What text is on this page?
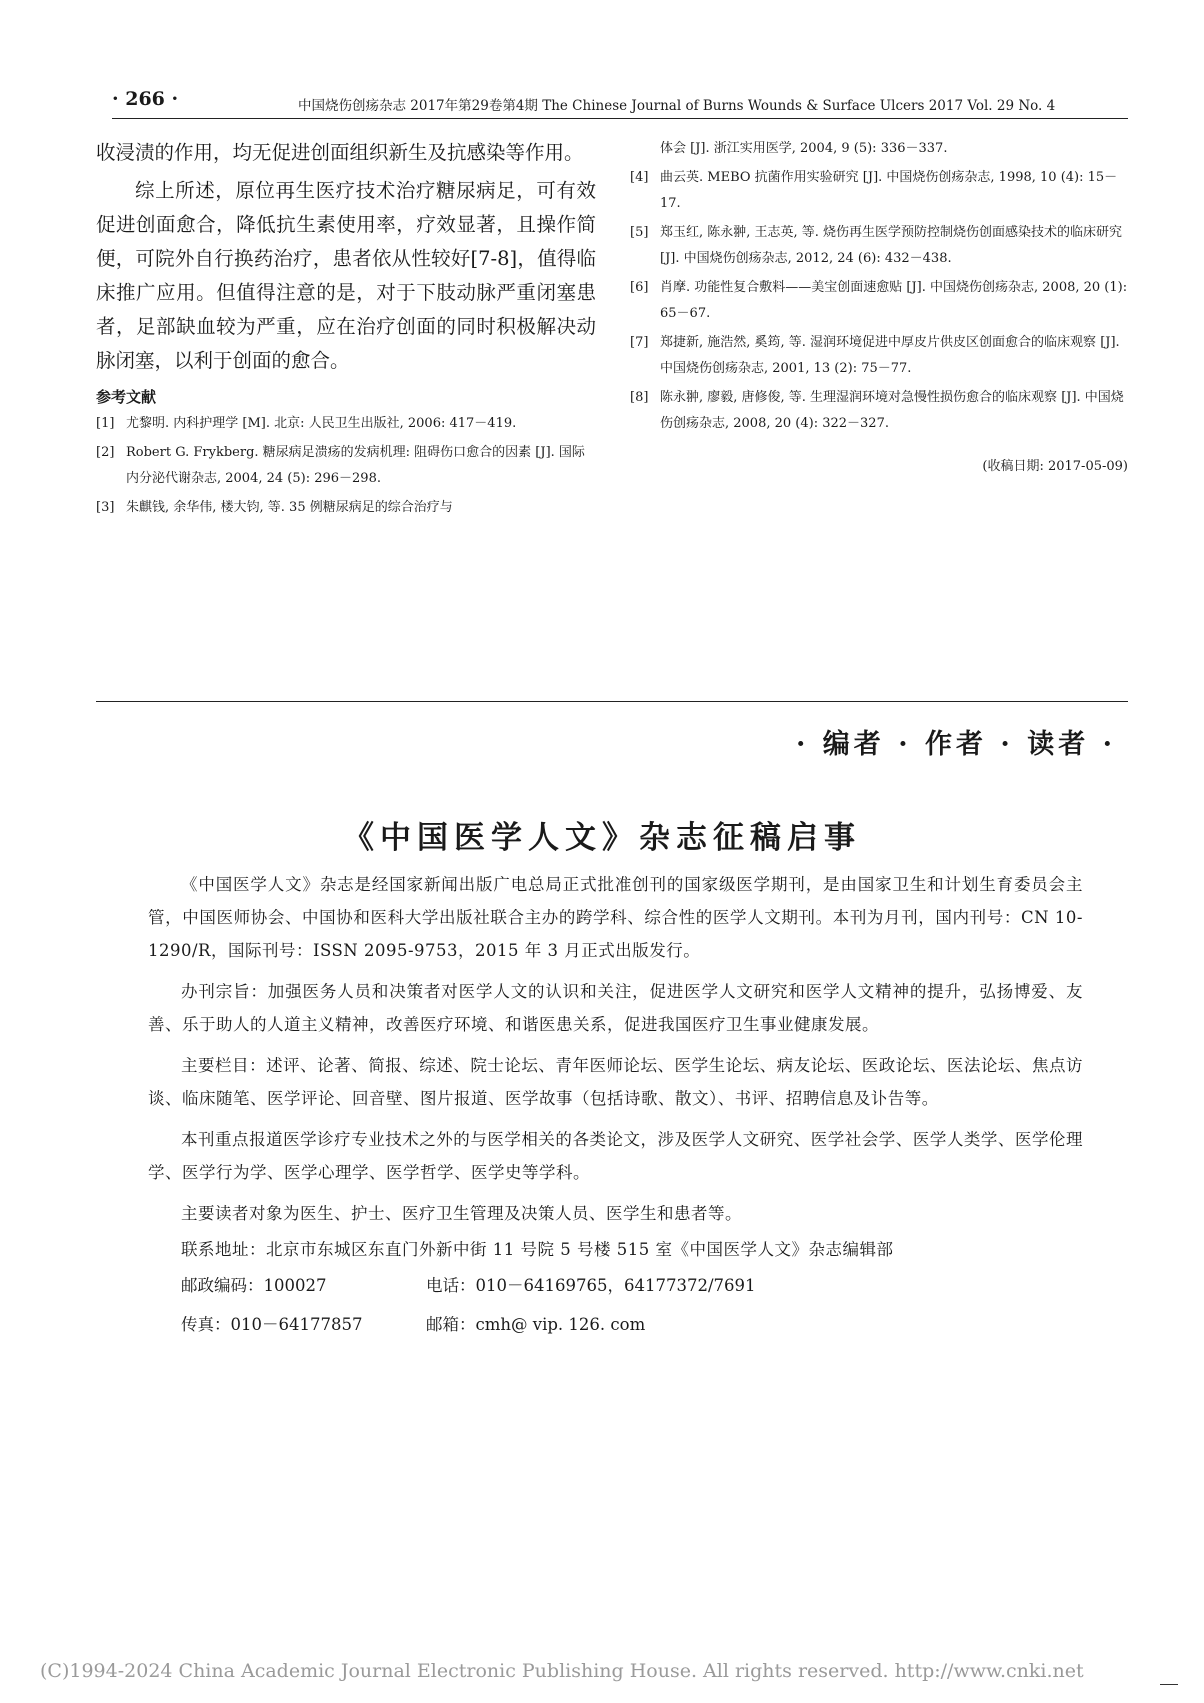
· 266 ·	中国烧伤创疡杂志 2017年第29卷第4期 The Chinese Journal of Burns Wounds & Surface Ulcers 2017 Vol. 29 No. 4

收浸渍的作用，均无促进创面组织新生及抗感染等作用。

综上所述，原位再生医疗技术治疗糖尿病足，可有效促进创面愈合，降低抗生素使用率，疗效显著，且操作简便，可院外自行换药治疗，患者依从性较好[7-8]，值得临床推广应用。但值得注意的是，对于下肢动脉严重闭塞患者，足部缺血较为严重，应在治疗创面的同时积极解决动脉闭塞，以利于创面的愈合。

参考文献
[1] 尤黎明. 内科护理学 [M]. 北京: 人民卫生出版社, 2006: 417－419.
[2] Robert G. Frykberg. 糖尿病足溃疡的发病机理: 阻碍伤口愈合的因素 [J]. 国际内分泌代谢杂志, 2004, 24 (5): 296－298.
[3] 朱麒钱, 余华伟, 楼大钧, 等. 35 例糖尿病足的综合治疗与
体会 [J]. 浙江实用医学, 2004, 9 (5): 336－337.
[4] 曲云英. MEBO 抗菌作用实验研究 [J]. 中国烧伤创疡杂志, 1998, 10 (4): 15－17.
[5] 郑玉红, 陈永翀, 王志英, 等. 烧伤再生医学预防控制烧伤创面感染技术的临床研究 [J]. 中国烧伤创疡杂志, 2012, 24 (6): 432－438.
[6] 肖摩. 功能性复合敷料——美宝创面速愈贴 [J]. 中国烧伤创疡杂志, 2008, 20 (1): 65－67.
[7] 郑捷新, 施浩然, 奚筠, 等. 湿润环境促进中厚皮片供皮区创面愈合的临床观察 [J]. 中国烧伤创疡杂志, 2001, 13 (2): 75－77.
[8] 陈永翀, 廖毅, 唐修俊, 等. 生理湿润环境对急慢性损伤愈合的临床观察 [J]. 中国烧伤创疡杂志, 2008, 20 (4): 322－327.
(收稿日期: 2017-05-09)
· 编者 · 作者 · 读者 ·
《中国医学人文》杂志征稿启事

《中国医学人文》杂志是经国家新闻出版广电总局正式批准创刊的国家级医学期刊，是由国家卫生和计划生育委员会主管，中国医师协会、中国协和医科大学出版社联合主办的跨学科、综合性的医学人文期刊。本刊为月刊，国内刊号：CN 10-1290/R，国际刊号：ISSN 2095-9753，2015 年 3 月正式出版发行。

办刊宗旨：加强医务人员和决策者对医学人文的认识和关注，促进医学人文研究和医学人文精神的提升，弘扬博爱、友善、乐于助人的人道主义精神，改善医疗环境、和谐医患关系，促进我国医疗卫生事业健康发展。

主要栏目：述评、论著、简报、综述、院士论坛、青年医师论坛、医学生论坛、病友论坛、医政论坛、医法论坛、焦点访谈、临床随笔、医学评论、回音壁、图片报道、医学故事（包括诗歌、散文）、书评、招聘信息及讣告等。

本刊重点报道医学诊疗专业技术之外的与医学相关的各类论文，涉及医学人文研究、医学社会学、医学人类学、医学伦理学、医学行为学、医学心理学、医学哲学、医学史等学科。

主要读者对象为医生、护士、医疗卫生管理及决策人员、医学生和患者等。

联系地址：北京市东城区东直门外新中街 11 号院 5 号楼 515 室《中国医学人文》杂志编辑部

邮政编码：100027	电话：010－64169765，64177372/7691
传真：010－64177857	邮箱：cmh@ vip. 126. com
(C)1994-2024 China Academic Journal Electronic Publishing House. All rights reserved. http://www.cnki.net
